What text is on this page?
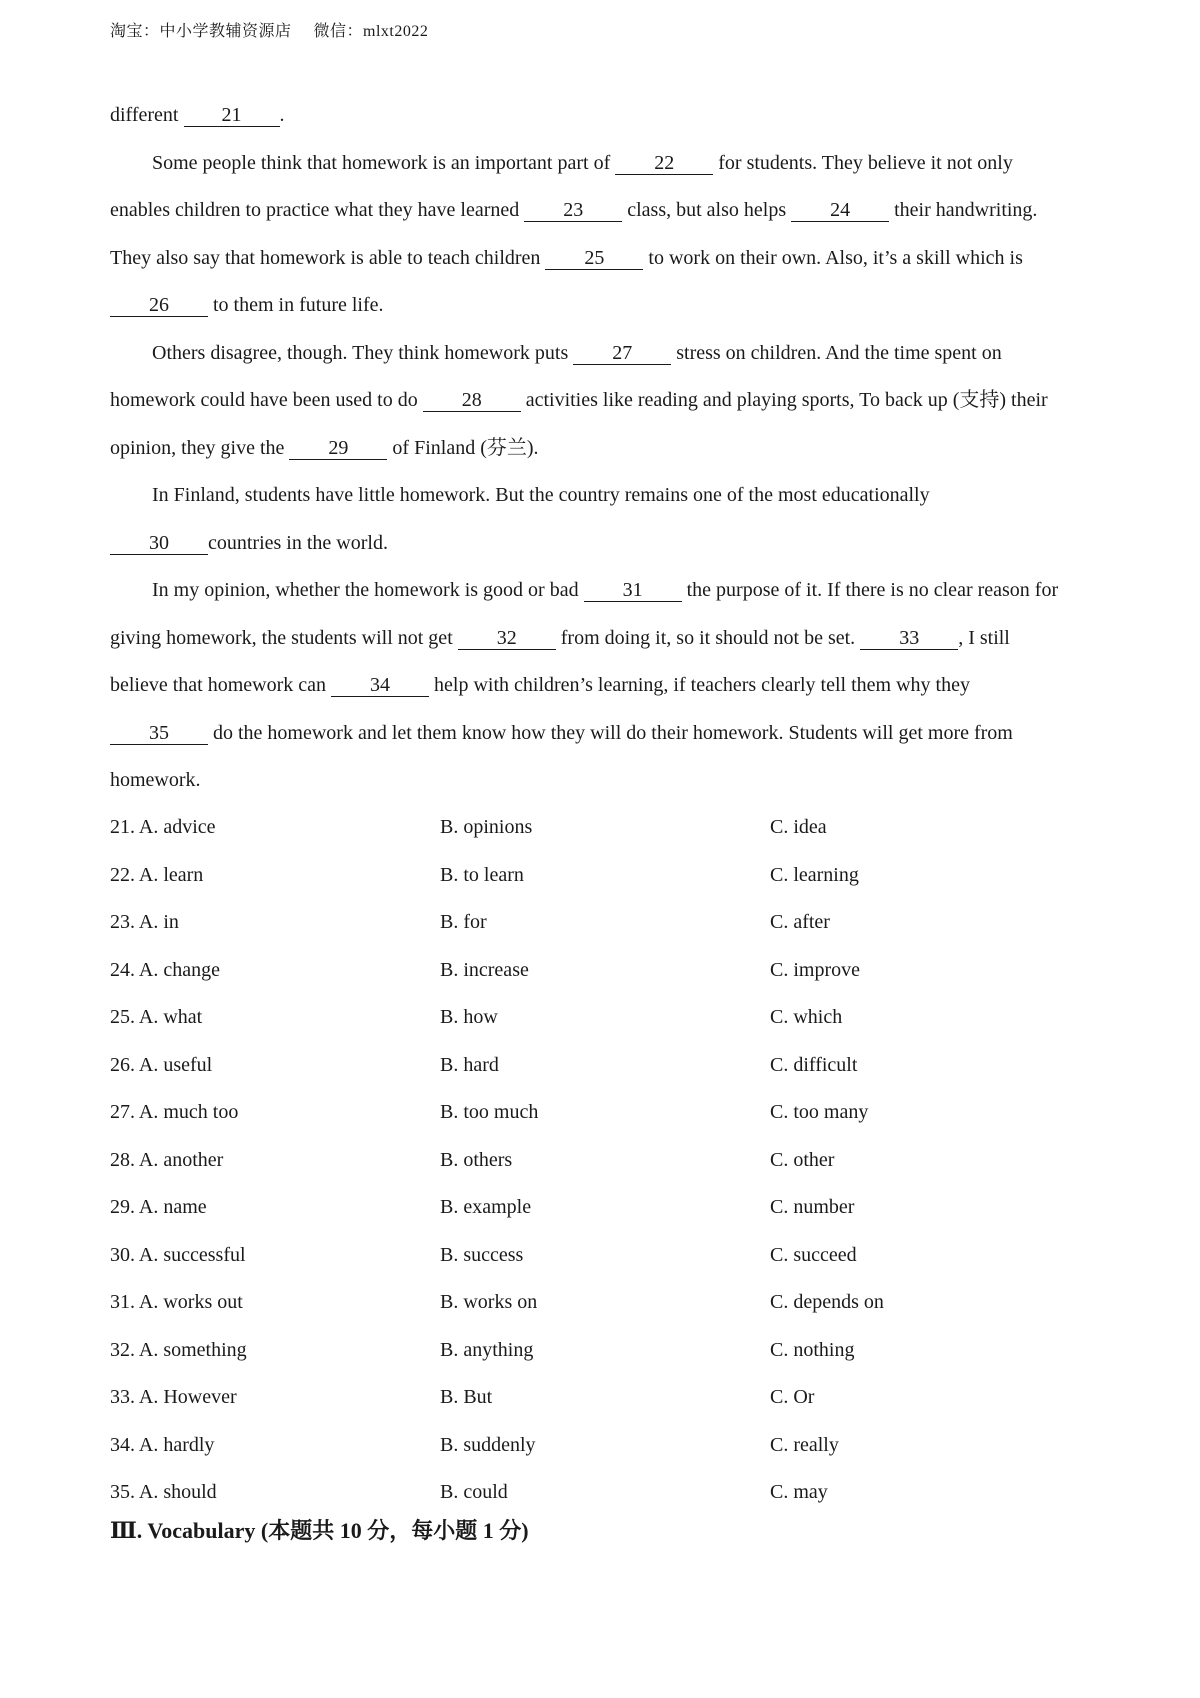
淘宝：中小学教辅资源店 微信：mlxt2022
different 21 .
Some people think that homework is an important part of 22 for students. They believe it not only
enables children to practice what they have learned 23 class, but also helps 24 their handwriting.
They also say that homework is able to teach children 25 to work on their own. Also, it’s a skill which is
26 to them in future life.
Others disagree, though. They think homework puts 27 stress on children. And the time spent on
homework could have been used to do 28 activities like reading and playing sports, To back up (支持) their
opinion, they give the 29 of Finland (芬兰).
In Finland, students have little homework. But the country remains one of the most educationally
30 countries in the world.
In my opinion, whether the homework is good or bad 31 the purpose of it. If there is no clear reason for
giving homework, the students will not get 32 from doing it, so it should not be set. 33 , I still
believe that homework can 34 help with children’s learning, if teachers clearly tell them why they
35 do the homework and let them know how they will do their homework. Students will get more from
homework.
21. A. advice	B. opinions	C. idea
22. A. learn	B. to learn	C. learning
23. A. in	B. for	C. after
24. A. change	B. increase	C. improve
25. A. what	B. how	C. which
26. A. useful	B. hard	C. difficult
27. A. much too	B. too much	C. too many
28. A. another	B. others	C. other
29. A. name	B. example	C. number
30. A. successful	B. success	C. succeed
31. A. works out	B. works on	C. depends on
32. A. something	B. anything	C. nothing
33. A. However	B. But	C. Or
34. A. hardly	B. suddenly	C. really
35. A. should	B. could	C. may
Ⅲ. Vocabulary (本题共 10 分，每小题 1 分)
